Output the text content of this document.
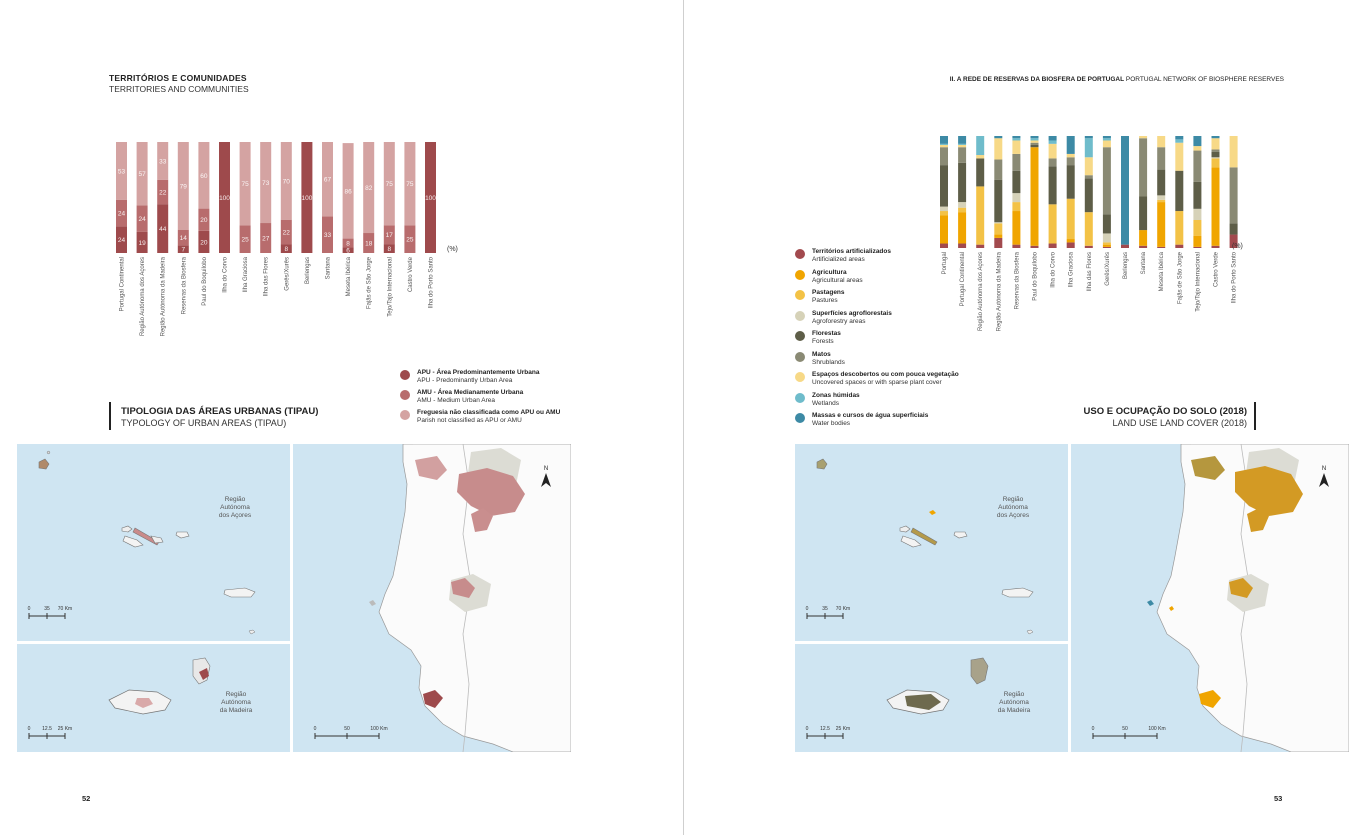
TERRITÓRIOS E COMUNIDADES
TERRITORIES AND COMMUNITIES
24
24
53
Portugal Continental
19
24
57
Região Autónoma dos Açores
44
22
33
Região Autónoma da Madeira
7
14
79
Reservas da Biosfera
20
20
60
Paul do Boquilobo
100
Ilha do Corvo
25
75
Ilha Graciosa
27
73
Ilha das Flores
8
22
70
Gerês/Xurês
100
Berlengas
33
67
Santana
6
8
86
Meseta Ibérica
18
82
Fajãs de São Jorge
8
17
75
Tejo/Tajo Internacional
25
75
Castro Verde
100
Ilha do Porto Santo
(%)
APU - Área Predominantemente Urbana
APU - Predominantly Urban Area
AMU - Área Medianamente Urbana
AMU - Medium Urban Area
Freguesia não classificada como APU ou AMU
Parish not classified as APU or AMU
TIPOLOGIA DAS ÁREAS URBANAS (TIPAU)
TYPOLOGY OF URBAN AREAS (TIPAU)
Região
Autónoma
dos Açores
0	35 70 Km
Região
Autónoma
da Madeira
0 12.5 25 Km
N
0	50	100 Km
52
II. A REDE DE RESERVAS DA BIOSFERA DE PORTUGAL PORTUGAL NETWORK OF BIOSPHERE RESERVES
Portugal Portugal Continental Região Autónoma dos Açores Região Autónoma da Madeira Reservas da Biosfera Paul do Boquilobo Ilha do Corvo Ilha Graciosa Ilha das Flores Gerês/Xurês Berlengas Santana Meseta Ibérica Fajãs de São Jorge Tejo/Tajo Internacional Castro Verde Ilha do Porto Santo
(%)
Territórios artificializados
Artificialized areas
Agricultura
Agricultural areas
Pastagens
Pastures
Superfícies agroflorestais
Agroforestry areas
Florestas
Forests
Matos
Shrublands
Espaços descobertos ou com pouca vegetação
Uncovered spaces or with sparse plant cover
Zonas húmidas
Wetlands
Massas e cursos de água superficiais
Water bodies
USO E OCUPAÇÃO DO SOLO (2018)
LAND USE LAND COVER (2018)
Região
Autónoma
dos Açores
0	35 70 Km
Região
Autónoma
da Madeira
0 12.5 25 Km
N
0	50	100 Km
53
